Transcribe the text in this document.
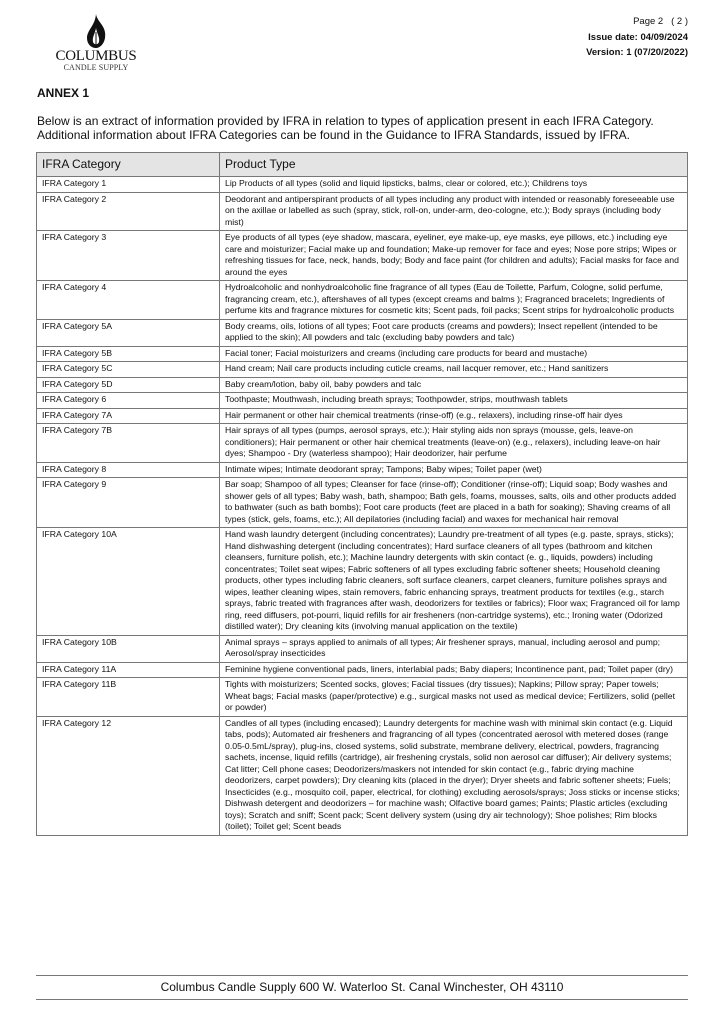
COLUMBUS
CANDLE SUPPLY
Page 2   ( 2 )
Issue date: 04/09/2024
Version: 1 (07/20/2022)
ANNEX 1
Below is an extract of information provided by IFRA in relation to types of application present in each IFRA Category. Additional information about IFRA Categories can be found in the Guidance to IFRA Standards, issued by IFRA.
IFRA Category	Product Type
IFRA Category 1	Lip Products of all types (solid and liquid lipsticks, balms, clear or colored, etc.); Childrens toys
IFRA Category 2	Deodorant and antiperspirant products of all types including any product with intended or reasonably foreseeable use on the axillae or labelled as such (spray, stick, roll-on, under-arm, deo-cologne, etc.); Body sprays (including body mist)
IFRA Category 3	Eye products of all types (eye shadow, mascara, eyeliner, eye make-up, eye masks, eye pillows, etc.) including eye care and moisturizer; Facial make up and foundation; Make-up remover for face and eyes; Nose pore strips; Wipes or refreshing tissues for face, neck, hands, body; Body and face paint (for children and adults); Facial masks for face and around the eyes
IFRA Category 4	Hydroalcoholic and nonhydroalcoholic fine fragrance of all types (Eau de Toilette, Parfum, Cologne, solid perfume, fragrancing cream, etc.), aftershaves of all types (except creams and balms ); Fragranced bracelets; Ingredients of perfume kits and fragrance mixtures for cosmetic kits; Scent pads, foil packs; Scent strips for hydroalcoholic products
IFRA Category 5A	Body creams, oils, lotions of all types; Foot care products (creams and powders); Insect repellent (intended to be applied to the skin); All powders and talc (excluding baby powders and talc)
IFRA Category 5B	Facial toner; Facial moisturizers and creams (including care products for beard and mustache)
IFRA Category 5C	Hand cream; Nail care products including cuticle creams, nail lacquer remover, etc.; Hand sanitizers
IFRA Category 5D	Baby cream/lotion, baby oil, baby powders and talc
IFRA Category 6	Toothpaste; Mouthwash, including breath sprays; Toothpowder, strips, mouthwash tablets
IFRA Category 7A	Hair permanent or other hair chemical treatments (rinse-off) (e.g., relaxers), including rinse-off hair dyes
IFRA Category 7B	Hair sprays of all types (pumps, aerosol sprays, etc.); Hair styling aids non sprays (mousse, gels, leave-on conditioners); Hair permanent or other hair chemical treatments (leave-on) (e.g., relaxers), including leave-on hair dyes; Shampoo - Dry (waterless shampoo); Hair deodorizer, hair perfume
IFRA Category 8	Intimate wipes; Intimate deodorant spray; Tampons; Baby wipes; Toilet paper (wet)
IFRA Category 9	Bar soap; Shampoo of all types; Cleanser for face (rinse-off); Conditioner (rinse-off); Liquid soap; Body washes and shower gels of all types; Baby wash, bath, shampoo; Bath gels, foams, mousses, salts, oils and other products added to bathwater (such as bath bombs); Foot care products (feet are placed in a bath for soaking); Shaving creams of all types (stick, gels, foams, etc.); All depilatories (including facial) and waxes for mechanical hair removal
IFRA Category 10A	Hand wash laundry detergent (including concentrates); Laundry pre-treatment of all types (e.g. paste, sprays, sticks); Hand dishwashing detergent (including concentrates); Hard surface cleaners of all types (bathroom and kitchen cleansers, furniture polish, etc.); Machine laundry detergents with skin contact (e. g., liquids, powders) including concentrates; Toilet seat wipes; Fabric softeners of all types excluding fabric softener sheets; Household cleaning products, other types including fabric cleaners, soft surface cleaners, carpet cleaners, furniture polishes sprays and wipes, leather cleaning wipes, stain removers, fabric enhancing sprays, treatment products for textiles (e.g., starch sprays, fabric treated with fragrances after wash, deodorizers for textiles or fabrics); Floor wax; Fragranced oil for lamp ring, reed diffusers, pot-pourri, liquid refills for air fresheners (non-cartridge systems), etc.; Ironing water (Odorized distilled water); Dry cleaning kits (involving manual application on the textile)
IFRA Category 10B	Animal sprays – sprays applied to animals of all types; Air freshener sprays, manual, including aerosol and pump; Aerosol/spray insecticides
IFRA Category 11A	Feminine hygiene conventional pads, liners, interlabial pads; Baby diapers; Incontinence pant, pad; Toilet paper (dry)
IFRA Category 11B	Tights with moisturizers; Scented socks, gloves; Facial tissues (dry tissues); Napkins; Pillow spray; Paper towels; Wheat bags; Facial masks (paper/protective) e.g., surgical masks not used as medical device; Fertilizers, solid (pellet or powder)
IFRA Category 12	Candles of all types (including encased); Laundry detergents for machine wash with minimal skin contact (e.g. Liquid tabs, pods); Automated air fresheners and fragrancing of all types (concentrated aerosol with metered doses (range 0.05-0.5mL/spray), plug-ins, closed systems, solid substrate, membrane delivery, electrical, powders, fragrancing sachets, incense, liquid refills (cartridge), air freshening crystals, solid non aerosol car diffuser); Air delivery systems; Cat litter; Cell phone cases; Deodorizers/maskers not intended for skin contact (e.g., fabric drying machine deodorizers, carpet powders); Dry cleaning kits (placed in the dryer); Dryer sheets and fabric softener sheets; Fuels; Insecticides (e.g., mosquito coil, paper, electrical, for clothing) excluding aerosols/sprays; Joss sticks or incense sticks; Dishwash detergent and deodorizers – for machine wash; Olfactive board games; Paints; Plastic articles (excluding toys); Scratch and sniff; Scent pack; Scent delivery system (using dry air technology); Shoe polishes; Rim blocks (toilet); Toilet gel; Scent beads
Columbus Candle Supply 600 W. Waterloo St. Canal Winchester, OH 43110
